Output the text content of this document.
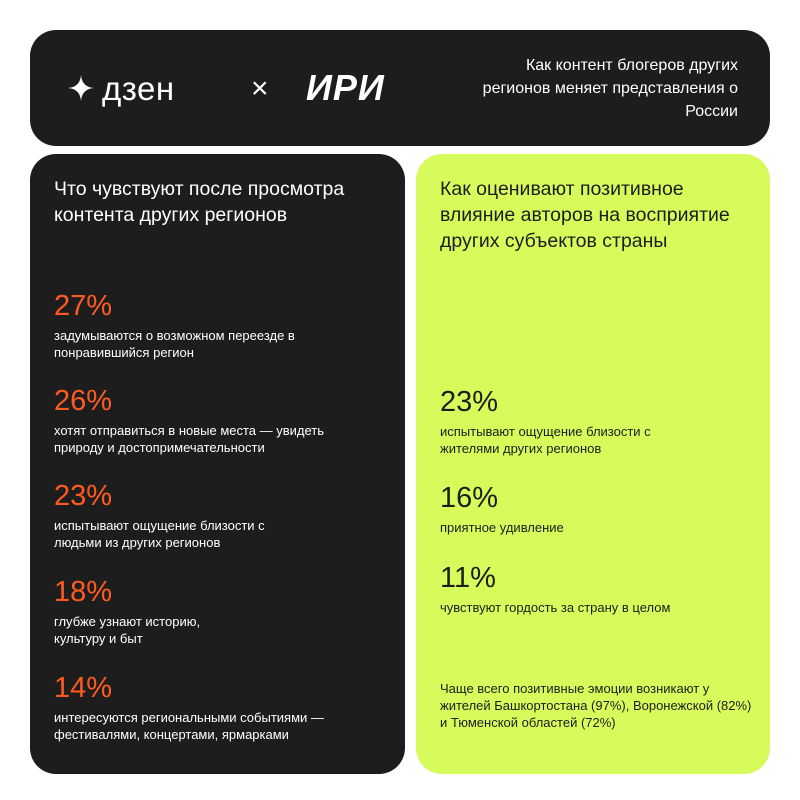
дзен	× ИРИ
Как контент блогеров других регионов меняет представления о России
Что чувствуют после просмотра контента других регионов
27%
задумываются о возможном переезде в понравившийся регион
26%
хотят отправиться в новые места — увидеть природу и достопримечательности
23%
испытывают ощущение близости с людьми из других регионов
18%
глубже узнают историю, культуру и быт
14%
интересуются региональными событиями — фестивалями, концертами, ярмарками
Как оценивают позитивное влияние авторов на восприятие других субъектов страны
23%
испытывают ощущение близости с жителями других регионов
16%
приятное удивление
11%
чувствуют гордость за страну в целом
Чаще всего позитивные эмоции возникают у жителей Башкортостана (97%), Воронежской (82%) и Тюменской областей (72%)
